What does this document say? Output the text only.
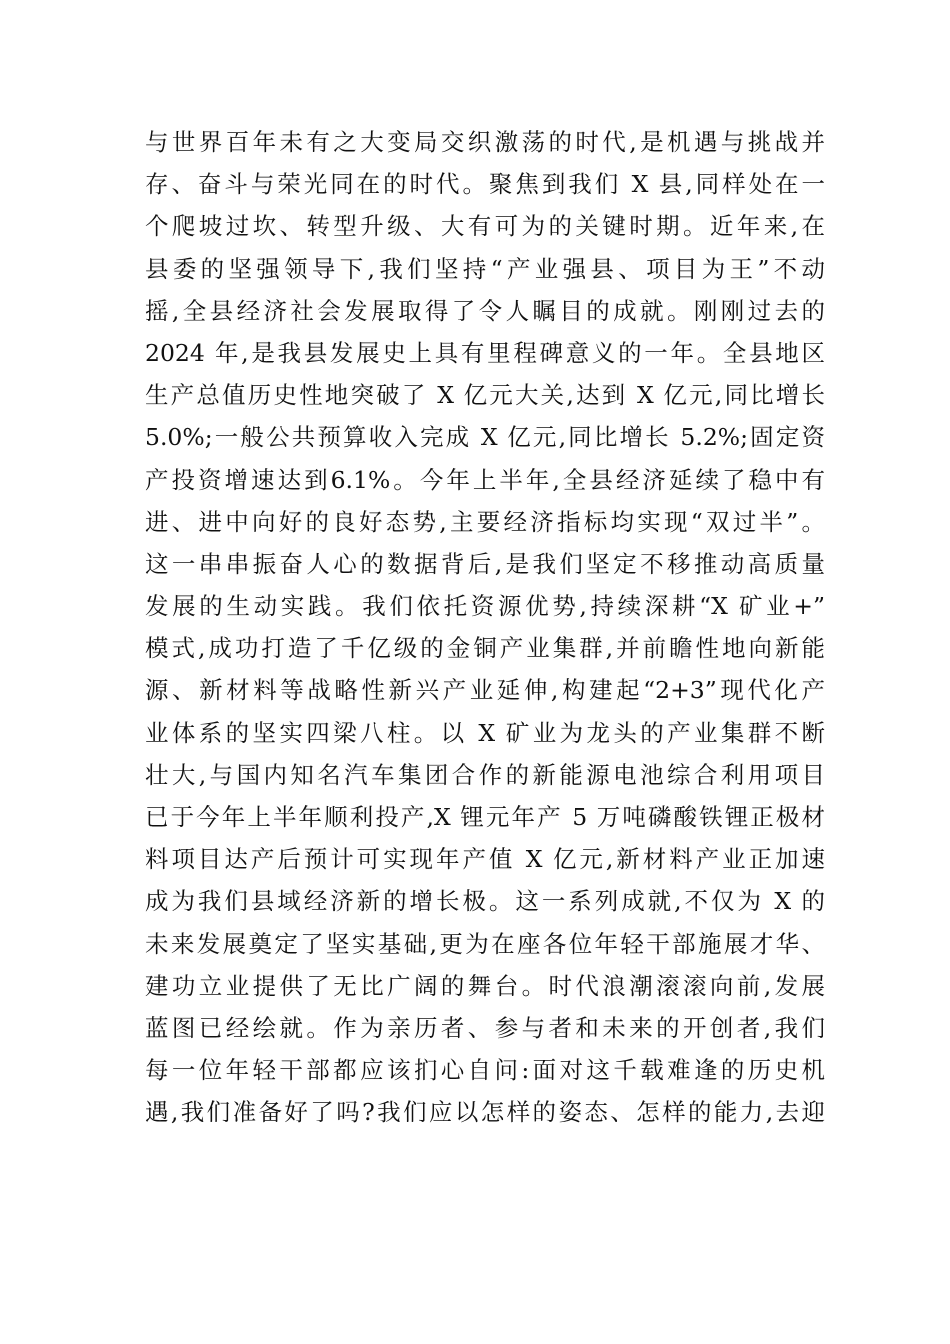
与世界百年未有之大变局交织激荡的时代,是机遇与挑战并
存、奋斗与荣光同在的时代。聚焦到我们 X 县,同样处在一
个爬坡过坎、转型升级、大有可为的关键时期。近年来,在
县委的坚强领导下,我们坚持“产业强县、项目为王”不动
摇,全县经济社会发展取得了令人瞩目的成就。刚刚过去的
2024 年,是我县发展史上具有里程碑意义的一年。全县地区
生产总值历史性地突破了 X 亿元大关,达到 X 亿元,同比增长
5.0%;一般公共预算收入完成 X 亿元,同比增长 5.2%;固定资
产投资增速达到6.1%。今年上半年,全县经济延续了稳中有
进、进中向好的良好态势,主要经济指标均实现“双过半”。
这一串串振奋人心的数据背后,是我们坚定不移推动高质量
发展的生动实践。我们依托资源优势,持续深耕“X 矿业+”
模式,成功打造了千亿级的金铜产业集群,并前瞻性地向新能
源、新材料等战略性新兴产业延伸,构建起“2+3”现代化产
业体系的坚实四梁八柱。以 X 矿业为龙头的产业集群不断
壮大,与国内知名汽车集团合作的新能源电池综合利用项目
已于今年上半年顺利投产,X 锂元年产 5 万吨磷酸铁锂正极材
料项目达产后预计可实现年产值 X 亿元,新材料产业正加速
成为我们县域经济新的增长极。这一系列成就,不仅为 X 的
未来发展奠定了坚实基础,更为在座各位年轻干部施展才华、
建功立业提供了无比广阔的舞台。时代浪潮滚滚向前,发展
蓝图已经绘就。作为亲历者、参与者和未来的开创者,我们
每一位年轻干部都应该扪心自问:面对这千载难逢的历史机
遇,我们准备好了吗?我们应以怎样的姿态、怎样的能力,去迎
